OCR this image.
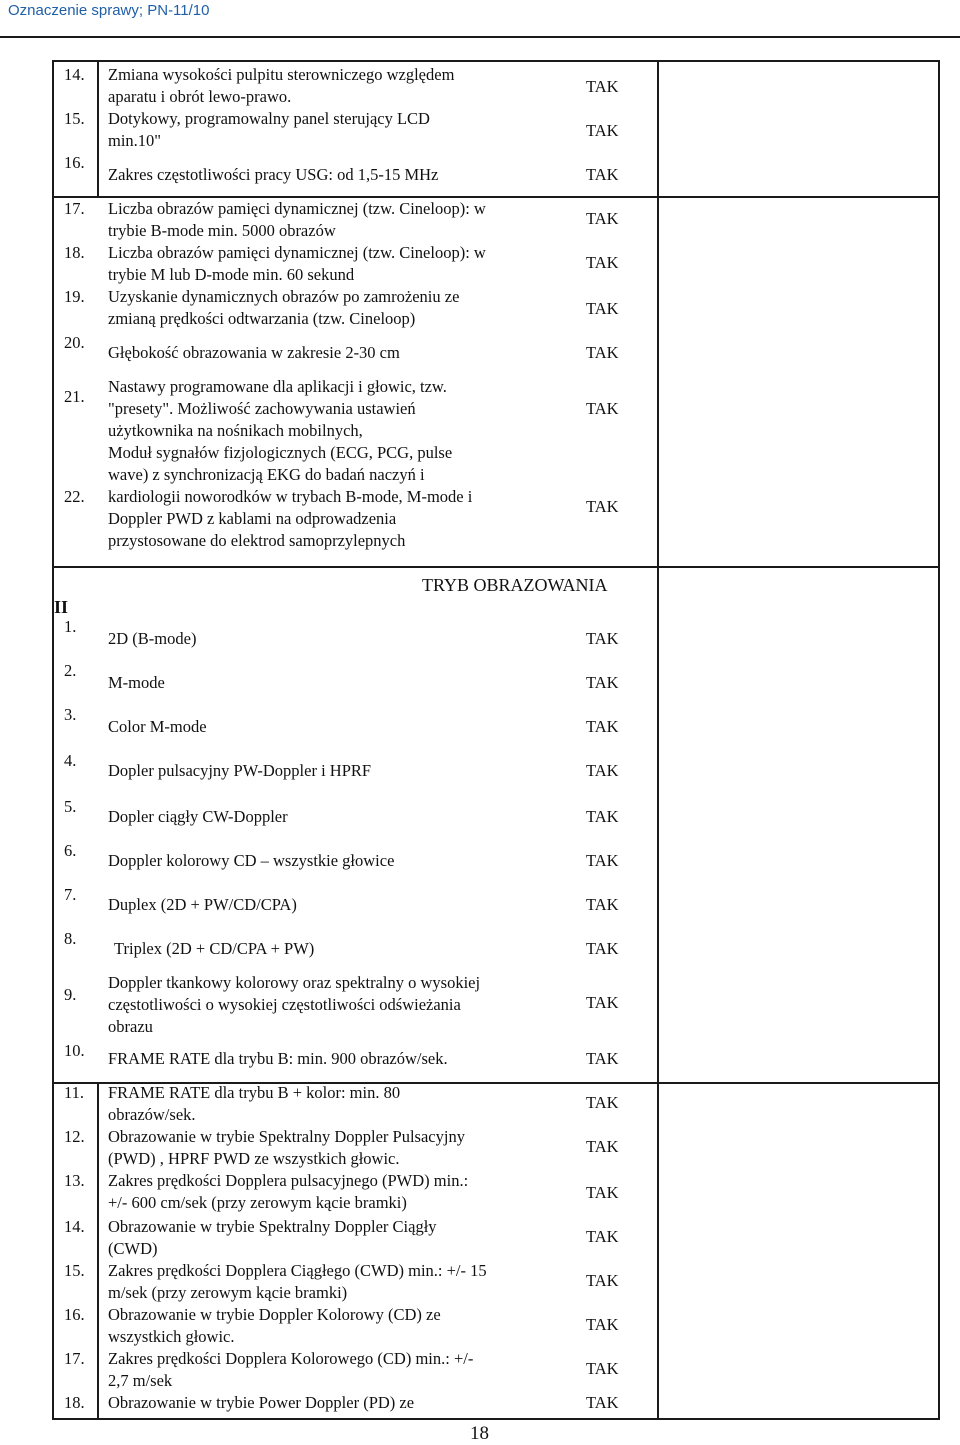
Oznaczenie sprawy; PN-11/10
14. Zmiana wysokości pulpitu sterowniczego względem
aparatu i obrót lewo-prawo.
TAK
15. Dotykowy, programowalny panel sterujący LCD
min.10"
TAK
16.
Zakres częstotliwości pracy USG: od 1,5-15 MHz	TAK
17. Liczba obrazów pamięci dynamicznej (tzw. Cineloop): w
trybie B-mode min. 5000 obrazów
TAK
18. Liczba obrazów pamięci dynamicznej (tzw. Cineloop): w
trybie M lub D-mode min. 60 sekund
TAK
19. Uzyskanie dynamicznych obrazów po zamrożeniu ze
zmianą prędkości odtwarzania (tzw. Cineloop)
TAK
20.
Głębokość obrazowania w zakresie 2-30 cm	TAK
21.
Nastawy programowane dla aplikacji i głowic, tzw.
"presety". Możliwość zachowywania ustawień
użytkownika na nośnikach mobilnych,
TAK
22.
Moduł sygnałów fizjologicznych (ECG, PCG, pulse
wave) z synchronizacją EKG do badań naczyń i
kardiologii noworodków w trybach B-mode, M-mode i
Doppler PWD z kablami na odprowadzenia
przystosowane do elektrod samoprzylepnych
TAK
1.
2D (B-mode)	TAK
2.
M-mode	TAK
3.
Color M-mode	TAK
4.
Dopler pulsacyjny PW-Doppler i HPRF	TAK
5.
Dopler ciągły CW-Doppler	TAK
6.
Doppler kolorowy CD – wszystkie głowice	TAK
7.
Duplex (2D + PW/CD/CPA)	TAK
8.
Triplex (2D + CD/CPA + PW)	TAK
9.
Doppler tkankowy kolorowy oraz spektralny o wysokiej
częstotliwości o wysokiej częstotliwości odświeżania
obrazu
TAK
10. FRAME RATE dla trybu B: min. 900 obrazów/sek.	TAK
11. FRAME RATE dla trybu B + kolor: min. 80
obrazów/sek.
TAK
12. Obrazowanie w trybie Spektralny Doppler Pulsacyjny
(PWD) , HPRF PWD ze wszystkich głowic.
TAK
13. Zakres prędkości Dopplera pulsacyjnego (PWD) min.:
+/- 600 cm/sek (przy zerowym kącie bramki)
TAK
14. Obrazowanie w trybie Spektralny Doppler Ciągły
(CWD)
TAK
15. Zakres prędkości Dopplera Ciągłego (CWD) min.: +/- 15
m/sek (przy zerowym kącie bramki)
TAK
16. Obrazowanie w trybie Doppler Kolorowy (CD) ze
wszystkich głowic.
TAK
17. Zakres prędkości Dopplera Kolorowego (CD) min.: +/-
2,7 m/sek
TAK
18. Obrazowanie w trybie Power Doppler (PD) ze	TAK
II
TRYB OBRAZOWANIA
18
